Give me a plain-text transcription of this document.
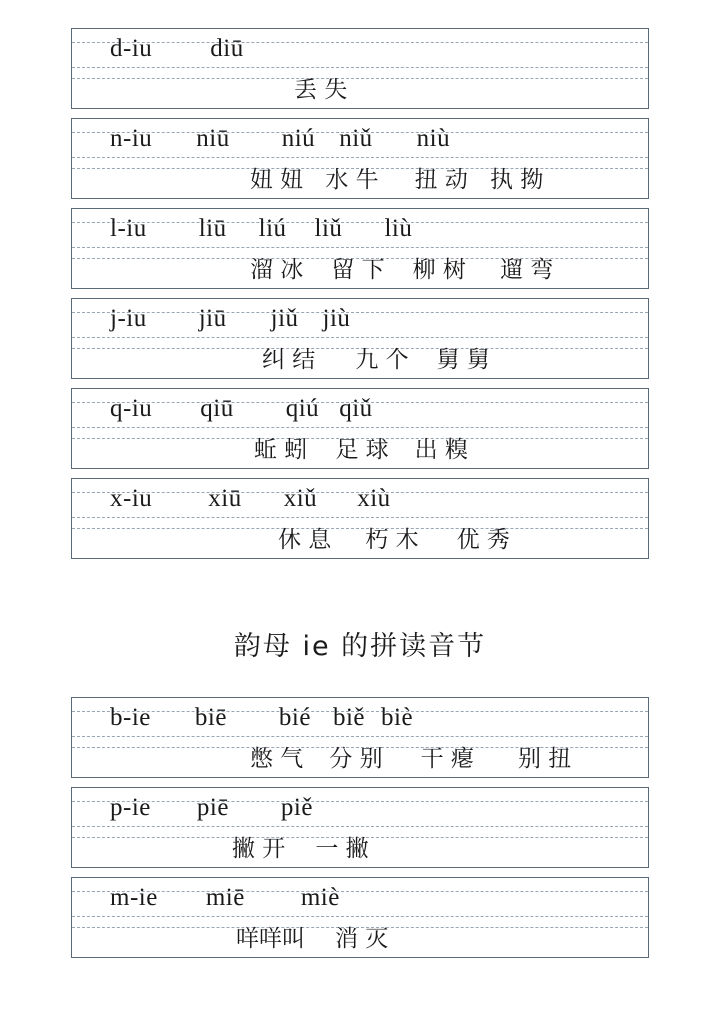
d-iu diū
丢 失
n-iu niū niú niǔ niù
妞 妞 水 牛 扭 动 执 拗
l-iu liū liú liǔ liù
溜 冰 留 下 柳 树 遛 弯
j-iu jiū jiǔ jiù
纠 结 九 个 舅 舅
q-iu qiū qiú qiǔ
蚯 蚓 足 球 出 糗
x-iu xiū xiǔ xiù
休 息 朽 木 优 秀
韵母 ie 的拼读音节
b-ie biē bié biě biè
憋 气 分 别 干 瘪 别 扭
p-ie piē piě
撇 开 一 撇
m-ie miē miè
咩咩叫 消 灭
